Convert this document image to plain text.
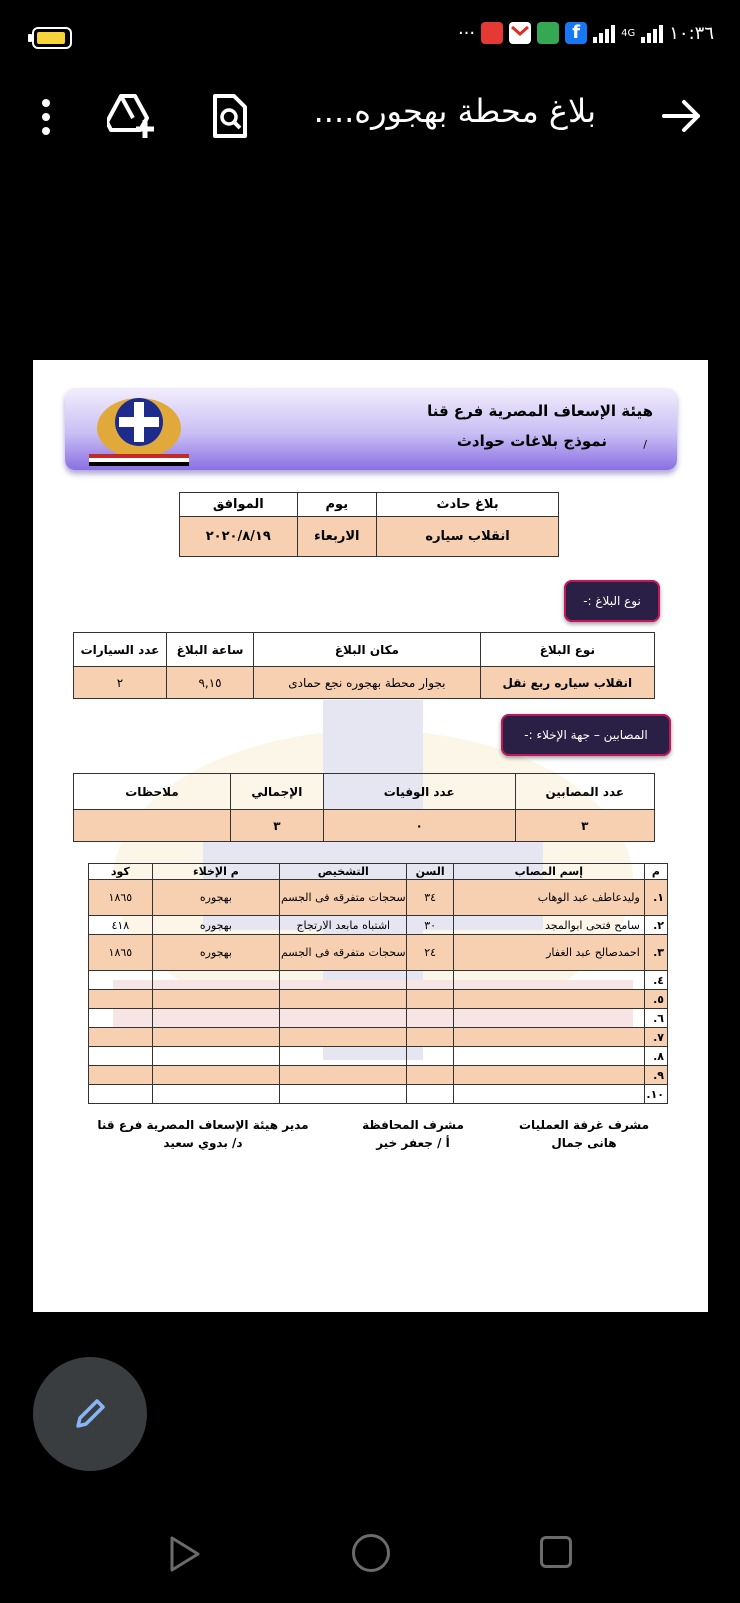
···	f	4G ١٠:٣٦
بلاغ محطة بهجوره....
هيئة الإسعاف المصرية فرع قنا
نموذج بلاغات حوادث	/
بلاغ حادث	يوم	الموافق
انقلاب سياره	الاربعاء	٢٠٢٠/٨/١٩
نوع البلاغ :-
نوع البلاغ	مكان البلاغ	ساعة البلاغ	عدد السيارات
انقلاب سياره ربع نقل	بجوار محطة بهجوره نجع حمادى	٩,١٥	٢
المصابين – جهة الإخلاء :-
عدد المصابين	عدد الوفيات	الإجمالي	ملاحظات
٣	٠	٣	
م	إسم المصاب	السن	التشخيص	م الإخلاء	كود
١.	وليدعاطف عبد الوهاب	٣٤	سحجات متفرقه فى الجسم	بهجوره	١٨٦٥
٢.	سامح فتحى ابوالمجد	٣٠	اشتباه مابعد الارتجاج	بهجوره	٤١٨
٣.	احمدصالح عبد الغفار	٢٤	سحجات متفرقه فى الجسم	بهجوره	١٨٦٥
٤.					
٥.					
٦.					
٧.					
٨.					
٩.					
١٠.					
مشرف غرفة العمليات
هانى جمال
مشرف المحافظة
أ / جعفر خير
مدير هيئة الإسعاف المصرية فرع قنا
د/ بدوي سعيد
